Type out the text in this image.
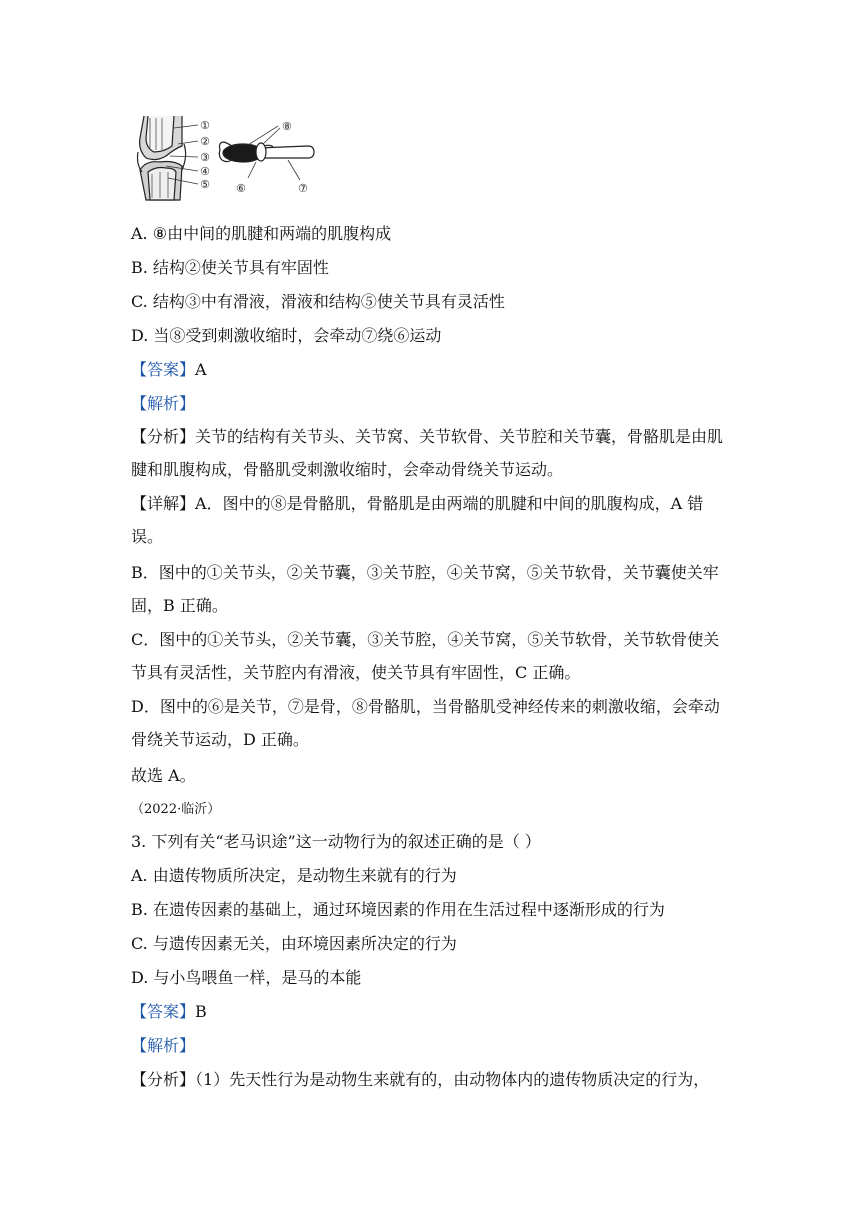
①
②
③
④
⑤
⑧
⑥	⑦
A. ⑧由中间的肌腱和两端的肌腹构成
B. 结构②使关节具有牢固性
C. 结构③中有滑液，滑液和结构⑤使关节具有灵活性
D. 当⑧受到刺激收缩时，会牵动⑦绕⑥运动
【答案】A
【解析】
【分析】关节的结构有关节头、关节窝、关节软骨、关节腔和关节囊，骨骼肌是由肌腱和肌腹构成，骨骼肌受刺激收缩时，会牵动骨绕关节运动。
【详解】A．图中的⑧是骨骼肌，骨骼肌是由两端的肌腱和中间的肌腹构成，A 错误。
B．图中的①关节头，②关节囊，③关节腔，④关节窝，⑤关节软骨，关节囊使关牢固，B 正确。
C．图中的①关节头，②关节囊，③关节腔，④关节窝，⑤关节软骨，关节软骨使关节具有灵活性，关节腔内有滑液，使关节具有牢固性，C 正确。
D．图中的⑥是关节，⑦是骨，⑧骨骼肌，当骨骼肌受神经传来的刺激收缩，会牵动骨绕关节运动，D 正确。
故选 A。
（2022·临沂）
3. 下列有关“老马识途”这一动物行为的叙述正确的是（ ）
A. 由遗传物质所决定，是动物生来就有的行为
B. 在遗传因素的基础上，通过环境因素的作用在生活过程中逐渐形成的行为
C. 与遗传因素无关，由环境因素所决定的行为
D. 与小鸟喂鱼一样，是马的本能
【答案】B
【解析】
【分析】（1）先天性行为是动物生来就有的，由动物体内的遗传物质决定的行为，
